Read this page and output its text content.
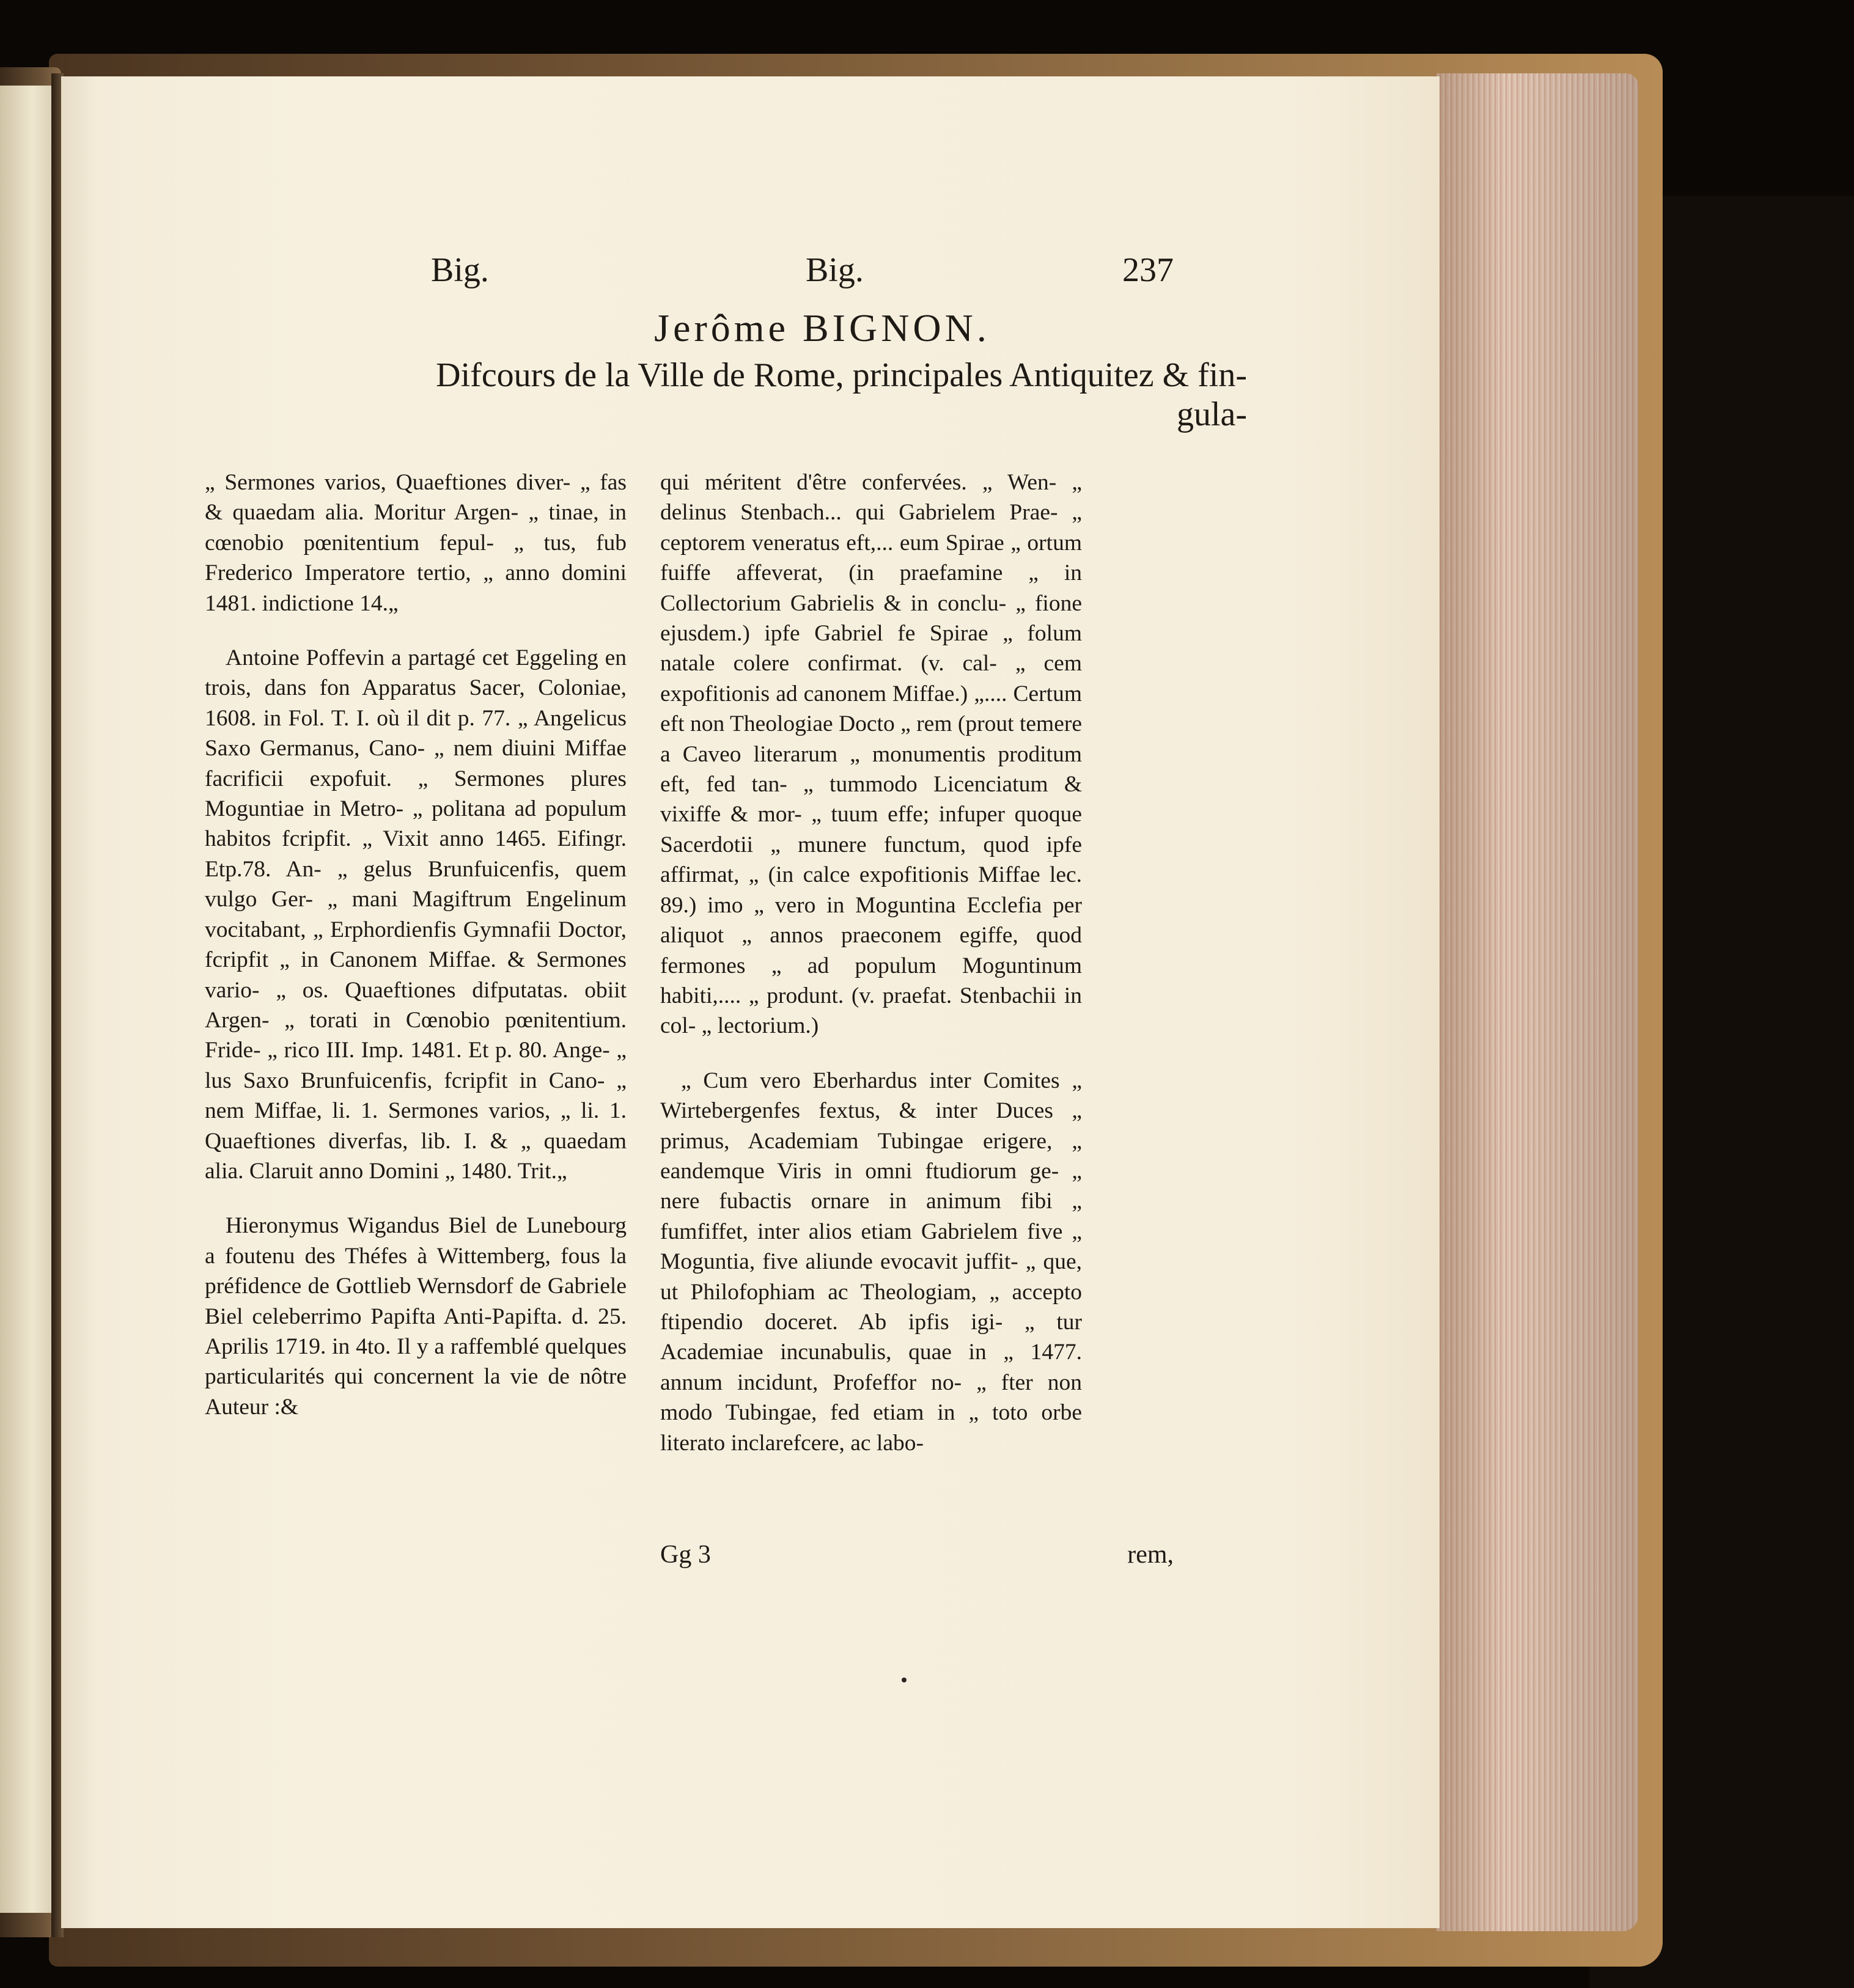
Big.	Big.	237
Jerôme BIGNON.
Difcours de la Ville de Rome, principales Antiquitez & fin-
gula-

„ Sermones varios, Quaeftiones diver- „ fas & quaedam alia. Moritur Argen- „ tinae, in cœnobio pœnitentium fepul- „ tus, fub Frederico Imperatore tertio, „ anno domini 1481. indictione 14.„

Antoine Poffevin a partagé cet Eggeling en trois, dans fon Apparatus Sacer, Coloniae, 1608. in Fol. T. I. où il dit p. 77. „ Angelicus Saxo Germanus, Cano- „ nem diuini Miffae facrificii expofuit. „ Sermones plures Moguntiae in Metro- „ politana ad populum habitos fcripfit. „ Vixit anno 1465. Eifingr. Etp.78. An- „ gelus Brunfuicenfis, quem vulgo Ger- „ mani Magiftrum Engelinum vocitabant, „ Erphordienfis Gymnafii Doctor, fcripfit „ in Canonem Miffae. & Sermones vario- „ os. Quaeftiones difputatas. obiit Argen- „ torati in Cœnobio pœnitentium. Fride- „ rico III. Imp. 1481. Et p. 80. Ange- „ lus Saxo Brunfuicenfis, fcripfit in Cano- „ nem Miffae, li. 1. Sermones varios, „ li. 1. Quaeftiones diverfas, lib. I. & „ quaedam alia. Claruit anno Domini „ 1480. Trit.„

Hieronymus Wigandus Biel de Lunebourg a foutenu des Théfes à Wittemberg, fous la préfidence de Gottlieb Wernsdorf de Gabriele Biel celeberrimo Papifta Anti-Papifta. d. 25. Aprilis 1719. in 4to. Il y a raffemblé quelques particularités qui concernent la vie de nôtre Auteur :&

qui méritent d'être confervées. „ Wen- „ delinus Stenbach... qui Gabrielem Prae- „ ceptorem veneratus eft,... eum Spirae „ ortum fuiffe affeverat, (in praefamine „ in Collectorium Gabrielis & in conclu- „ fione ejusdem.) ipfe Gabriel fe Spirae „ folum natale colere confirmat. (v. cal- „ cem expofitionis ad canonem Miffae.) „.... Certum eft non Theologiae Docto „ rem (prout temere a Caveo literarum „ monumentis proditum eft, fed tan- „ tummodo Licenciatum & vixiffe & mor- „ tuum effe; infuper quoque Sacerdotii „ munere functum, quod ipfe affirmat, „ (in calce expofitionis Miffae lec. 89.) imo „ vero in Moguntina Ecclefia per aliquot „ annos praeconem egiffe, quod fermones „ ad populum Moguntinum habiti,.... „ produnt. (v. praefat. Stenbachii in col- „ lectorium.)

„ Cum vero Eberhardus inter Comites „ Wirtebergenfes fextus, & inter Duces „ primus, Academiam Tubingae erigere, „ eandemque Viris in omni ftudiorum ge- „ nere fubactis ornare in animum fibi „ fumfiffet, inter alios etiam Gabrielem five „ Moguntia, five aliunde evocavit juffit- „ que, ut Philofophiam ac Theologiam, „ accepto ftipendio doceret. Ab ipfis igi- „ tur Academiae incunabulis, quae in „ 1477. annum incidunt, Profeffor no- „ fter non modo Tubingae, fed etiam in „ toto orbe literato inclarefcere, ac labo-

Gg 3	rem,
